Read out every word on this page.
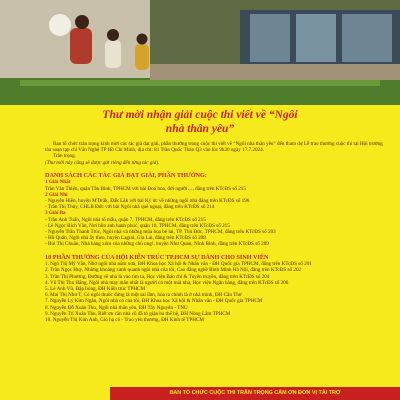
Thư mời nhận giải cuộc thi viết về “Ngôi
nhà thân yêu”

Ban tổ chức trân trọng kính mời các tác giả đạt giải, phần thưởng trong cuộc thi viết về “Ngôi nhà thân yêu” đến tham dự Lễ trao thưởng cuộc thi tại Hội trường tòa soạn tạp chí Văn Nghệ TP Hồ Chí Minh, địa chỉ: 81 Trần Quốc Thảo Q3 vào lúc 9h30 ngày 17.7.2024.

Trân trọng.

(Thư mời này cũng sẽ được gửi riêng đến từng tác giả).

DANH SÁCH CÁC TÁC GIẢ ĐẠT GIẢI, PHẦN THƯỞNG:

1 Giải Nhất

Trần Văn Thiện, quận Tân Bình, TPHCM với bài Đoá hoa, đời người…, đăng trên KTcĐS số 215

2 Giải Nhì

- Nguyễn Hiền, huyện M'Drắk, Đắk Lắk với bài Ký ức về những ngôi nhà đăng trên KTcĐS số 196

- Trần Thị Thủy, CHLB Đức với bài Ngôi nhà quê ngoại, đăng trên KTcĐS số 214

3 Giải Ba

- Trần Anh Tuấn, Ngôi nhà tổ mẫu, quận 7, TPHCM, đăng trên KTcĐS số 215

- Lê Ngọc Bích Vân, Nơi hồn anh hanh phúc, quận 10, TPHCM, đăng trên KTcĐS số 215

- Nguyễn Trần Thanh Trúc, Ngôi nhà và những mùa hoa bé lai, TP. Thủ Đức, TPHCM, đăng trên KTcĐS số 203

- Hồ Quân, Ngôi nhà ấy theo, huyện Lagrai, Gia Lai, đăng trên KTcĐS số 208

- Bùi Thị Chuân, Nhà hàng xóm của những chủ ong!, huyện Như Quan, Ninh Bình, đăng trên KTcĐS số 209

10 PHẦN THƯỞNG CỦA HỘI KIẾN TRÚC TP.HCM SỰ DÀNH CHO SINH VIÊN

1. Ngô Thị Mỹ Vân, Nhớ ngôi nhà năm xưa, ĐH Khoa học Xã hội & Nhân văn - ĐH Quốc gia TPHCM, đăng trên KTcĐS số 201

2. Trần Ngọc Huy, Những khoảng xanh quanh ngôi nhà của tôi, Cao đẳng nghề Bình Minh Hà Nội, đăng trên KTcĐS số 202

3. Trần Thị Phương, Đường về nhà là vào tim ta, Học viện Báo chí & Tuyên truyền, đăng trên KTcĐS số 204

4. Vũ Thị Thu Hằng, Ngôi nhà may mắn nhất là người có một mái nhà, Học viện Ngân hàng, đăng trên KTcĐS số 206

5. Lê Anh Vũ, Đập bóng, ĐH Kiến trúc TPHCM

6. Mai Thị Như T, Có ngôi thuốc đứng là một sai lầm, hóa ra chính là ở nhà mình, ĐH Cần Thơ

7. Nguyễn Lý Kim Ngân, Ngôi nhà có của tôi, ĐH Khoa học Xã hội & Nhân văn - ĐH Quốc gia TPHCM

8. Nguyễn Đỗ Xuân Thu, Ngôi nhà thân yêu, ĐH Tây Nguyên - TNU

9. Nguyễn Trí Xuân Thu, Biết ơn căn nhà cũ đã tỏ giận ba thế hệ, ĐH Nông Lâm TPHCM

10. Nguyễn Thị Kim Anh, Gió hạ có - Trao yêu thương, ĐH Kinh tế TPHCM

BAN TỔ CHỨC CUỘC THI TRÂN TRỌNG CẢM ƠN ĐƠN VỊ TÀI TRỢ
